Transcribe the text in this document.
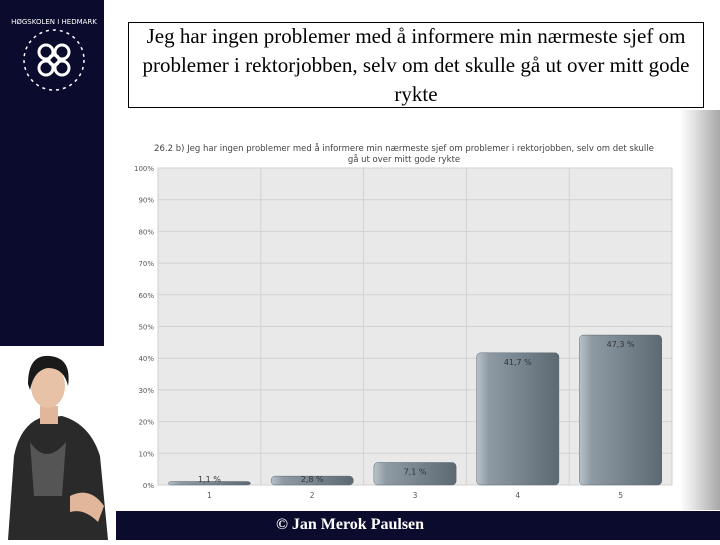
HØGSKOLEN I HEDMARK
Jeg har ingen problemer med å informere min nærmeste sjef om problemer i rektorjobben, selv om det skulle gå ut over mitt gode rykte
26.2 b) Jeg har ingen problemer med å informere min nærmeste sjef om problemer i rektorjobben, selv om det skulle
gå ut over mitt gode rykte
0%
10%
20%
30%
40%
50%
60%
70%
80%
90%
100%
1,1 %
1
2,8 %
2
7,1 %
3
41,7 %
4
47,3 %
5
© Jan Merok Paulsen
